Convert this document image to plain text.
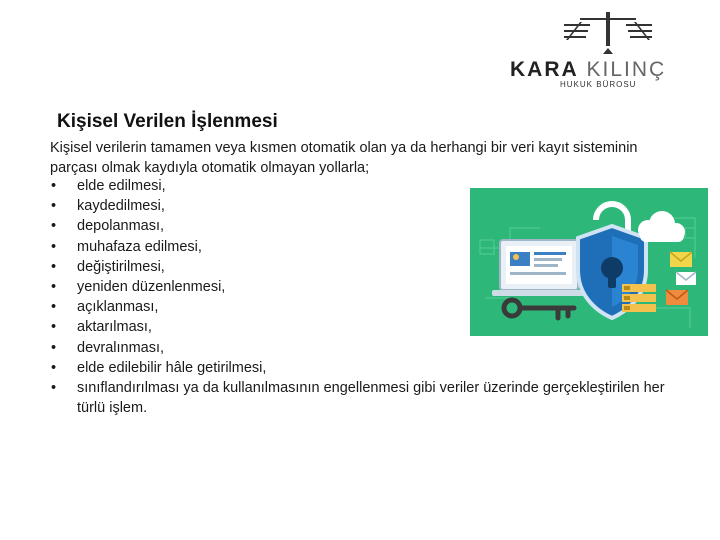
KARA KILINÇ
HUKUK BÜROSU
Kişisel Verilen İşlenmesi
Kişisel verilerin tamamen veya kısmen otomatik olan ya da herhangi bir veri kayıt sisteminin parçası olmak kaydıyla otomatik olmayan yollarla;
• elde edilmesi,
• kaydedilmesi,
• depolanması,
• muhafaza edilmesi,
• değiştirilmesi,
• yeniden düzenlenmesi,
• açıklanması,
• aktarılması,
• devralınması,
• elde edilebilir hâle getirilmesi,
• sınıflandırılması ya da kullanılmasının engellenmesi gibi veriler üzerinde gerçekleştirilen her türlü işlem.
